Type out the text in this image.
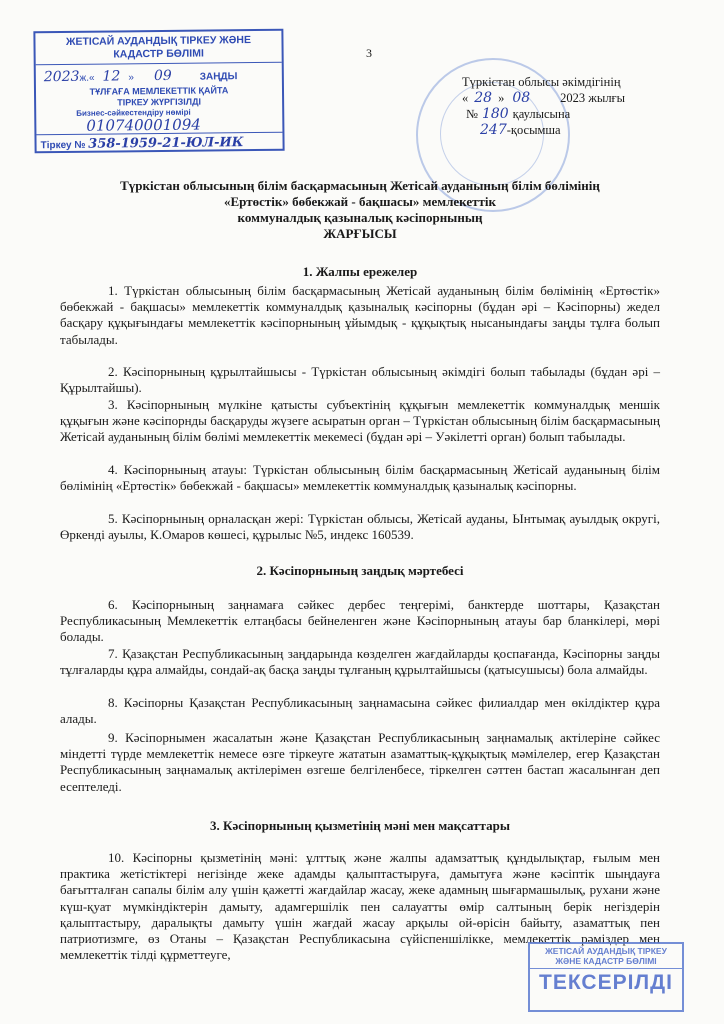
3
ЖЕТІСАЙ АУДАНДЫҚ ТІРКЕУ ЖӘНЕ
КАДАСТР БӨЛІМІ
2023ж.« 12 » 09	ЗАҢДЫ
ТҰЛҒАҒА МЕМЛЕКЕТТІК ҚАЙТА
ТІРКЕУ ЖҮРГІЗІЛДІ
Бизнес-сәйкестендіру нөмірі
010740001094
Тіркеу № 358-1959-21-ЮЛ-ИК
Түркістан облысы әкімдігінің
« 28 » 08 2023 жылғы
№ 180 қаулысына
247-қосымша
Түркістан облысының білім басқармасының Жетісай ауданының білім бөлімінің
«Ертөстік» бөбекжай - бақшасы» мемлекеттік
коммуналдық қазыналық кәсіпорнының
ЖАРҒЫСЫ
1. Жалпы ережелер

1. Түркістан облысының білім басқармасының Жетісай ауданының білім бөлімінің «Ертөстік» бөбекжай - бақшасы» мемлекеттік коммуналдық қазыналық кәсіпорны (бұдан әрі – Кәсіпорны) жедел басқару құқығындағы мемлекеттік кәсіпорнының ұйымдық - құқықтық нысанындағы заңды тұлға болып табылады.

2. Кәсіпорнының құрылтайшысы - Түркістан облысының әкімдігі болып табылады (бұдан әрі –Құрылтайшы).

3. Кәсіпорнының мүлкіне қатысты субъектінің құқығын мемлекеттік коммуналдық меншік құқығын және кәсіпорнды басқаруды жүзеге асыратын орган – Түркістан облысының білім басқармасының Жетісай ауданының білім бөлімі мемлекеттік мекемесі (бұдан әрі – Уәкілетті орган) болып табылады.

4. Кәсіпорнының атауы: Түркістан облысының білім басқармасының Жетісай ауданының білім бөлімінің «Ертөстік» бөбекжай - бақшасы» мемлекеттік коммуналдық қазыналық кәсіпорны.

5. Кәсіпорнының орналасқан жері: Түркістан облысы, Жетісай ауданы, Ынтымақ ауылдық округі, Өркенді ауылы, К.Омаров көшесі, құрылыс №5, индекс 160539.

2. Кәсіпорнының заңдық мәртебесі

6. Кәсіпорнының заңнамаға сәйкес дербес теңгерімі, банктерде шоттары, Қазақстан Республикасының Мемлекеттік елтаңбасы бейнеленген және Кәсіпорнының атауы бар бланкілері, мөрі болады.

7. Қазақстан Республикасының заңдарында көзделген жағдайларды қоспағанда, Кәсіпорны заңды тұлғаларды құра алмайды, сондай-ақ басқа заңды тұлғаның құрылтайшысы (қатысушысы) бола алмайды.

8. Кәсіпорны Қазақстан Республикасының заңнамасына сәйкес филиалдар мен өкілдіктер құра алады.

9. Кәсіпорнымен жасалатын және Қазақстан Республикасының заңнамалық актілеріне сәйкес міндетті түрде мемлекеттік немесе өзге тіркеуге жататын азаматтық-құқықтық мәмілелер, егер Қазақстан Республикасының заңнамалық актілерімен өзгеше белгіленбесе, тіркелген сәттен бастап жасалынған деп есептеледі.

3. Кәсіпорнының қызметінің мәні мен мақсаттары

10. Кәсіпорны қызметінің мәні: ұлттық және жалпы адамзаттық құндылықтар, ғылым мен практика жетістіктері негізінде жеке адамды қалыптастыруға, дамытуға және кәсіптік шыңдауға бағытталған сапалы білім алу үшін қажетті жағдайлар жасау, жеке адамның шығармашылық, рухани және күш-қуат мүмкіндіктерін дамыту, адамгершілік пен салауатты өмір салтының берік негіздерін қалыптастыру, даралықты дамыту үшін жағдай жасау арқылы ой-өрісін байыту, азаматтық пен патриотизмге, өз Отаны – Қазақстан Республикасына сүйіспеншілікке, мемлекеттік рәміздер мен мемлекеттік тілді құрметтеуге,	ЖЕТІСАЙ АУДАНДЫҚ ТІРКЕУ
ЖӘНЕ КАДАСТР БӨЛІМІ
ТЕКСЕРІЛДІ
